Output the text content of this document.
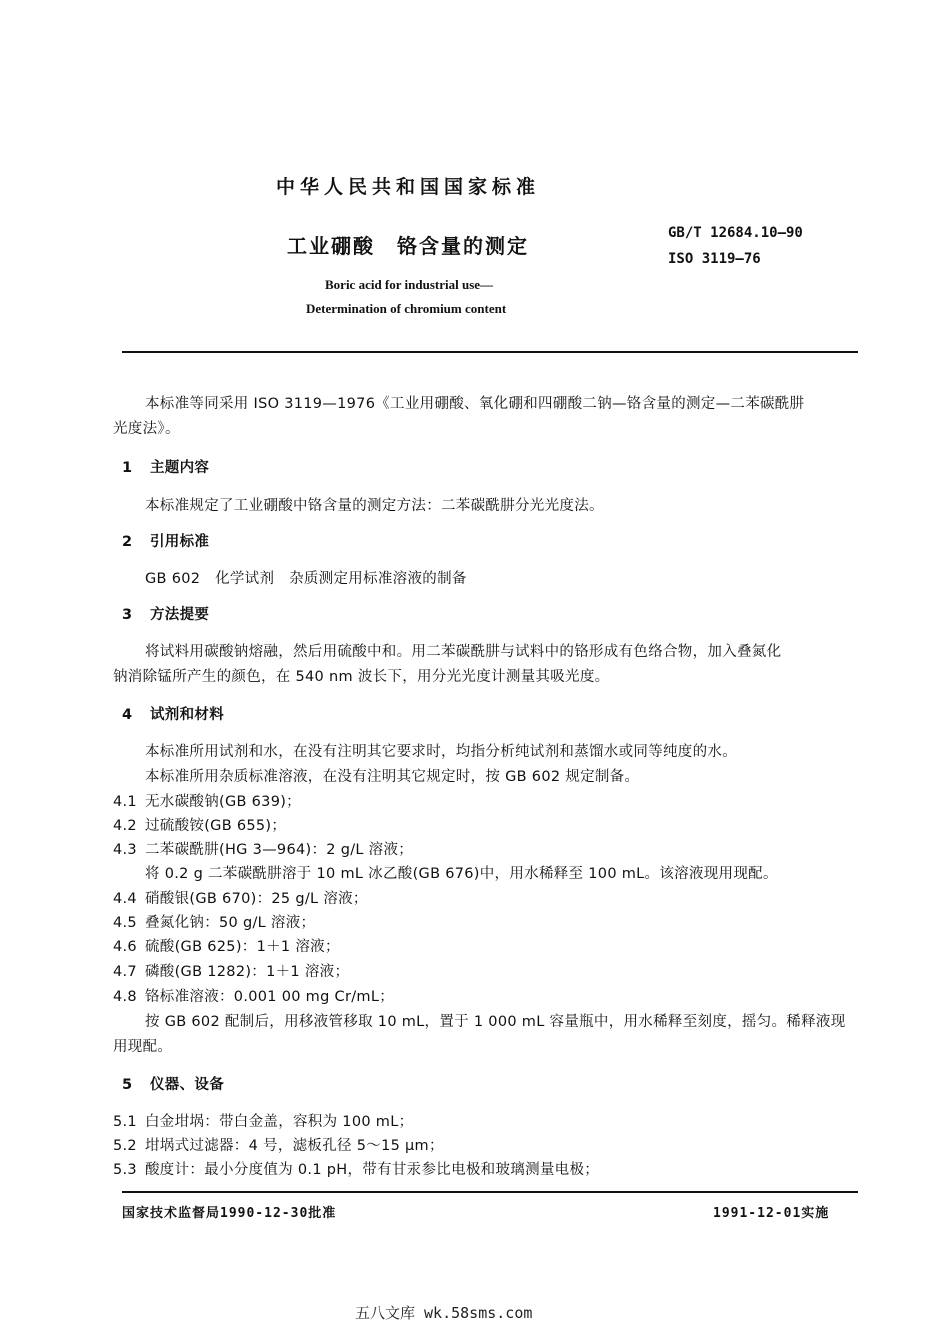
中华人民共和国国家标准
工业硼酸　铬含量的测定
GB/T 12684.10—90
ISO 3119—76
Boric acid for industrial use—
Determination of chromium content
本标准等同采用 ISO 3119—1976《工业用硼酸、氧化硼和四硼酸二钠—铬含量的测定—二苯碳酰肼
光度法》。
1 主题内容
本标准规定了工业硼酸中铬含量的测定方法：二苯碳酰肼分光光度法。
2 引用标准
GB 602　化学试剂　杂质测定用标准溶液的制备
3 方法提要
将试料用碳酸钠熔融，然后用硫酸中和。用二苯碳酰肼与试料中的铬形成有色络合物，加入叠氮化
钠消除锰所产生的颜色，在 540 nm 波长下，用分光光度计测量其吸光度。
4 试剂和材料
本标准所用试剂和水，在没有注明其它要求时，均指分析纯试剂和蒸馏水或同等纯度的水。
本标准所用杂质标准溶液，在没有注明其它规定时，按 GB 602 规定制备。
4.1 无水碳酸钠(GB 639)；
4.2 过硫酸铵(GB 655)；
4.3 二苯碳酰肼(HG 3—964)：2 g/L 溶液；
将 0.2 g 二苯碳酰肼溶于 10 mL 冰乙酸(GB 676)中，用水稀释至 100 mL。该溶液现用现配。
4.4 硝酸银(GB 670)：25 g/L 溶液；
4.5 叠氮化钠：50 g/L 溶液；
4.6 硫酸(GB 625)：1＋1 溶液；
4.7 磷酸(GB 1282)：1＋1 溶液；
4.8 铬标准溶液：0.001 00 mg Cr/mL；
按 GB 602 配制后，用移液管移取 10 mL，置于 1 000 mL 容量瓶中，用水稀释至刻度，摇匀。稀释液现
用现配。
5 仪器、设备
5.1 白金坩埚：带白金盖，容积为 100 mL；
5.2 坩埚式过滤器：4 号，滤板孔径 5～15 μm；
5.3 酸度计：最小分度值为 0.1 pH，带有甘汞参比电极和玻璃测量电极；
国家技术监督局1990-12-30批准	1991-12-01实施
五八文库 wk.58sms.com
